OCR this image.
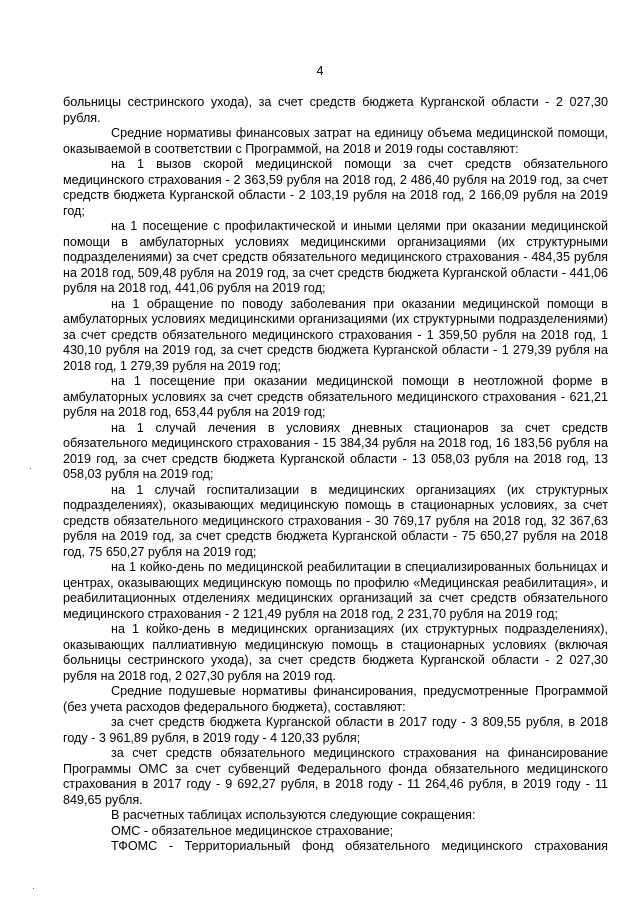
4

больницы сестринского ухода), за счет средств бюджета Курганской области - 2 027,30 рубля.

Средние нормативы финансовых затрат на единицу объема медицинской помощи, оказываемой в соответствии с Программой, на 2018 и 2019 годы составляют:

на 1 вызов скорой медицинской помощи за счет средств обязательного медицинского страхования - 2 363,59 рубля на 2018 год, 2 486,40 рубля на 2019 год, за счет средств бюджета Курганской области - 2 103,19 рубля на 2018 год, 2 166,09 рубля на 2019 год;

на 1 посещение с профилактической и иными целями при оказании медицинской помощи в амбулаторных условиях медицинскими организациями (их структурными подразделениями) за счет средств обязательного медицинского страхования - 484,35 рубля на 2018 год, 509,48 рубля на 2019 год, за счет средств бюджета Курганской области - 441,06 рубля на 2018 год, 441,06 рубля на 2019 год;

на 1 обращение по поводу заболевания при оказании медицинской помощи в амбулаторных условиях медицинскими организациями (их структурными подразделениями) за счет средств обязательного медицинского страхования - 1 359,50 рубля на 2018 год, 1 430,10 рубля на 2019 год, за счет средств бюджета Курганской области - 1 279,39 рубля на 2018 год, 1 279,39 рубля на 2019 год;

на 1 посещение при оказании медицинской помощи в неотложной форме в амбулаторных условиях за счет средств обязательного медицинского страхования - 621,21 рубля на 2018 год, 653,44 рубля на 2019 год;

на 1 случай лечения в условиях дневных стационаров за счет средств обязательного медицинского страхования - 15 384,34 рубля на 2018 год, 16 183,56 рубля на 2019 год, за счет средств бюджета Курганской области - 13 058,03 рубля на 2018 год, 13 058,03 рубля на 2019 год;

на 1 случай госпитализации в медицинских организациях (их структурных подразделениях), оказывающих медицинскую помощь в стационарных условиях, за счет средств обязательного медицинского страхования - 30 769,17 рубля на 2018 год, 32 367,63 рубля на 2019 год, за счет средств бюджета Курганской области - 75 650,27 рубля на 2018 год, 75 650,27 рубля на 2019 год;

на 1 койко-день по медицинской реабилитации в специализированных больницах и центрах, оказывающих медицинскую помощь по профилю «Медицинская реабилитация», и реабилитационных отделениях медицинских организаций за счет средств обязательного медицинского страхования - 2 121,49 рубля на 2018 год, 2 231,70 рубля на 2019 год;

на 1 койко-день в медицинских организациях (их структурных подразделениях), оказывающих паллиативную медицинскую помощь в стационарных условиях (включая больницы сестринского ухода), за счет средств бюджета Курганской области - 2 027,30 рубля на 2018 год, 2 027,30 рубля на 2019 год.

Средние подушевые нормативы финансирования, предусмотренные Программой (без учета расходов федерального бюджета), составляют:

за счет средств бюджета Курганской области в 2017 году - 3 809,55 рубля, в 2018 году - 3 961,89 рубля, в 2019 году - 4 120,33 рубля;

за счет средств обязательного медицинского страхования на финансирование Программы ОМС за счет субвенций Федерального фонда обязательного медицинского страхования в 2017 году - 9 692,27 рубля, в 2018 году - 11 264,46 рубля, в 2019 году - 11 849,65 рубля.

В расчетных таблицах используются следующие сокращения:

ОМС - обязательное медицинское страхование;

ТФОМС - Территориальный фонд обязательного медицинского страхования
